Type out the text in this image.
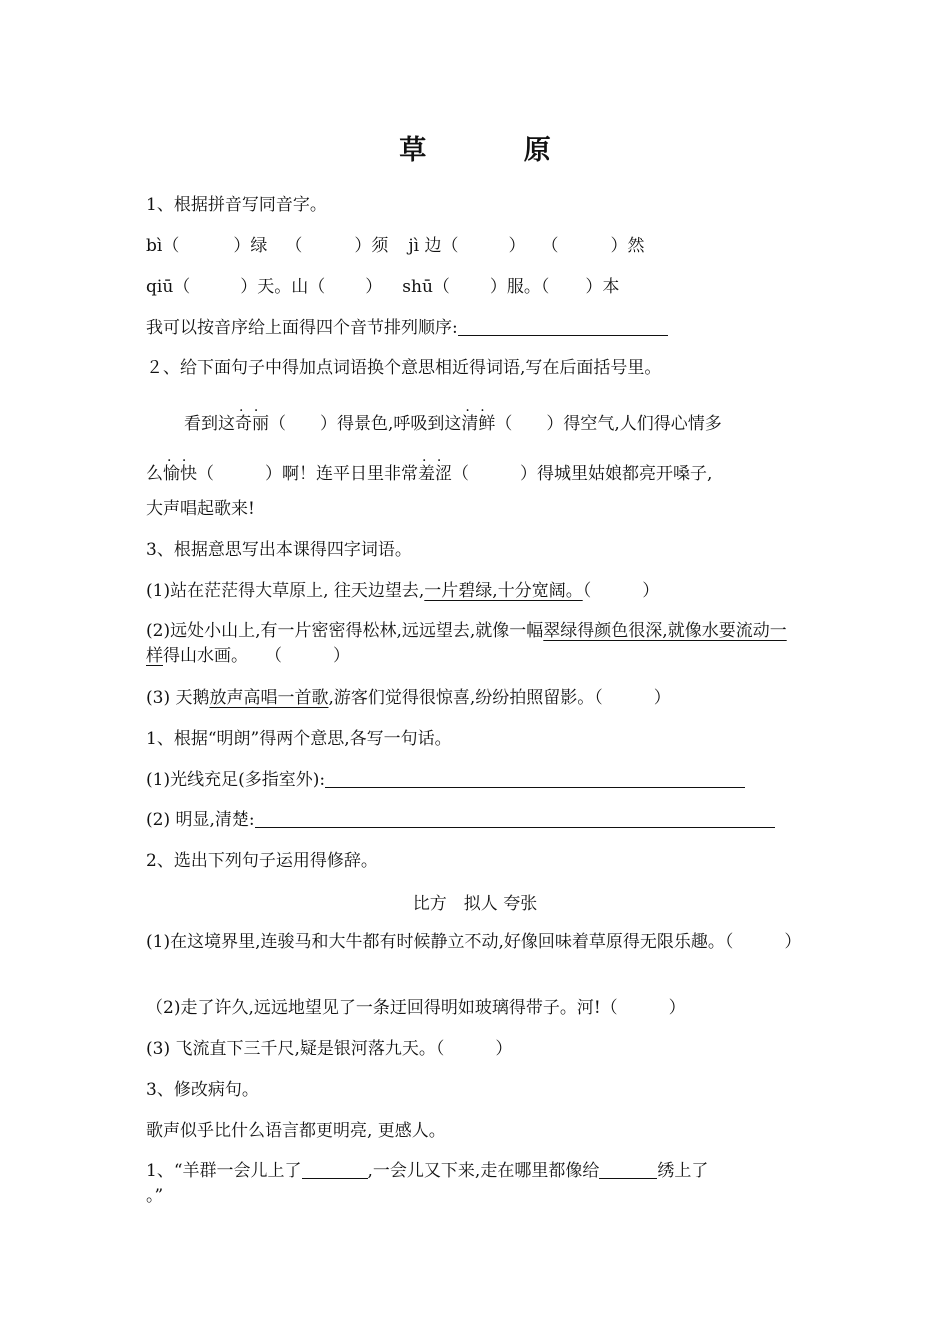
草 原
1、根据拼音写同音字。
bì（	）绿 （	）须 jì 边（	） （	）然
qiū（	）天。山（ ） shū（ ）服。（ ）本
我可以按音序给上面得四个音节排列顺序:
２、给下面句子中得加点词语换个意思相近得词语,写在后面括号里。
看到这· · 奇丽（　　）得景色,呼吸到这· · 清鲜（　　）得空气,人们得心情多
么· · 愉快（　　　）啊！连平日里非常· · 羞涩（　　　）得城里姑娘都亮开嗓子,
大声唱起歌来!
3、根据意思写出本课得四字词语。
(1)站在茫茫得大草原上, 往天边望去,一片碧绿,十分宽阔。（　　　）
(2)远处小山上,有一片密密得松林,远远望去,就像一幅翠绿得颜色很深,就像水要流动一样得山水画。　　（　　　）
(3) 天鹅放声高唱一首歌,游客们觉得很惊喜,纷纷拍照留影。（　　　）
1、根据“明朗”得两个意思,各写一句话。
(1)光线充足(多指室外):
(2) 明显,清楚:
2、选出下列句子运用得修辞。
比方　拟人 夸张
(1)在这境界里,连骏马和大牛都有时候静立不动,好像回味着草原得无限乐趣。（　　　）
（2)走了许久,远远地望见了一条迂回得明如玻璃得带子。河!（　　　）
(3) 飞流直下三千尺,疑是银河落九天。（　　　）
3、修改病句。
歌声似乎比什么语言都更明亮, 更感人。
1、“羊群一会儿上了	,一会儿又下来,走在哪里都像给	绣上了
。”
